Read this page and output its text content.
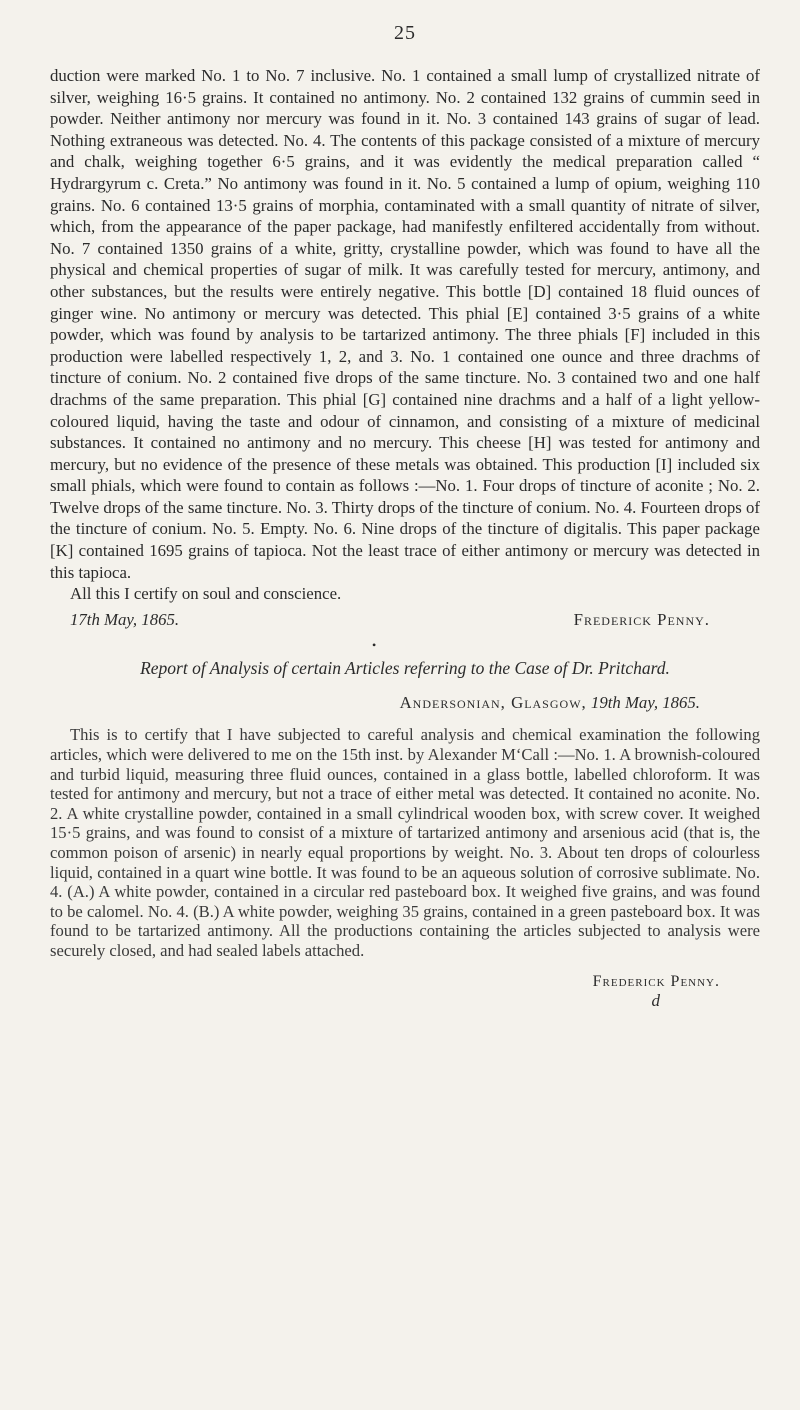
25

duction were marked No. 1 to No. 7 inclusive. No. 1 contained a small lump of crystallized nitrate of silver, weighing 16·5 grains. It contained no antimony. No. 2 contained 132 grains of cummin seed in powder. Neither antimony nor mercury was found in it. No. 3 contained 143 grains of sugar of lead. Nothing extraneous was detected. No. 4. The contents of this package consisted of a mixture of mercury and chalk, weighing together 6·5 grains, and it was evidently the medical preparation called “ Hydrargyrum c. Creta.” No antimony was found in it. No. 5 contained a lump of opium, weighing 110 grains. No. 6 contained 13·5 grains of morphia, contaminated with a small quantity of nitrate of silver, which, from the appearance of the paper package, had manifestly enfiltered accidentally from without. No. 7 contained 1350 grains of a white, gritty, crystalline powder, which was found to have all the physical and chemical properties of sugar of milk. It was carefully tested for mercury, antimony, and other substances, but the results were entirely negative. This bottle [D] contained 18 fluid ounces of ginger wine. No antimony or mercury was detected. This phial [E] contained 3·5 grains of a white powder, which was found by analysis to be tartarized antimony. The three phials [F] included in this production were labelled respectively 1, 2, and 3. No. 1 contained one ounce and three drachms of tincture of conium. No. 2 contained five drops of the same tincture. No. 3 contained two and one half drachms of the same preparation. This phial [G] contained nine drachms and a half of a light yellow-coloured liquid, having the taste and odour of cinnamon, and consisting of a mixture of medicinal substances. It contained no antimony and no mercury. This cheese [H] was tested for antimony and mercury, but no evidence of the presence of these metals was obtained. This production [I] included six small phials, which were found to contain as follows :—No. 1. Four drops of tincture of aconite ; No. 2. Twelve drops of the same tincture. No. 3. Thirty drops of the tincture of conium. No. 4. Fourteen drops of the tincture of conium. No. 5. Empty. No. 6. Nine drops of the tincture of digitalis. This paper package [K] contained 1695 grains of tapioca. Not the least trace of either antimony or mercury was detected in this tapioca.

All this I certify on soul and conscience.

17th May, 1865.	Frederick Penny.
•
Report of Analysis of certain Articles referring to the Case of Dr. Pritchard.
Andersonian, Glasgow, 19th May, 1865.

This is to certify that I have subjected to careful analysis and chemical examination the following articles, which were delivered to me on the 15th inst. by Alexander M‘Call :—No. 1. A brownish-coloured and turbid liquid, measuring three fluid ounces, contained in a glass bottle, labelled chloroform. It was tested for antimony and mercury, but not a trace of either metal was detected. It contained no aconite. No. 2. A white crystalline powder, contained in a small cylindrical wooden box, with screw cover. It weighed 15·5 grains, and was found to consist of a mixture of tartarized antimony and arsenious acid (that is, the common poison of arsenic) in nearly equal proportions by weight. No. 3. About ten drops of colourless liquid, contained in a quart wine bottle. It was found to be an aqueous solution of corrosive sublimate. No. 4. (A.) A white powder, contained in a circular red pasteboard box. It weighed five grains, and was found to be calomel. No. 4. (B.) A white powder, weighing 35 grains, contained in a green pasteboard box. It was found to be tartarized antimony. All the productions containing the articles subjected to analysis were securely closed, and had sealed labels attached.

Frederick Penny.
d
